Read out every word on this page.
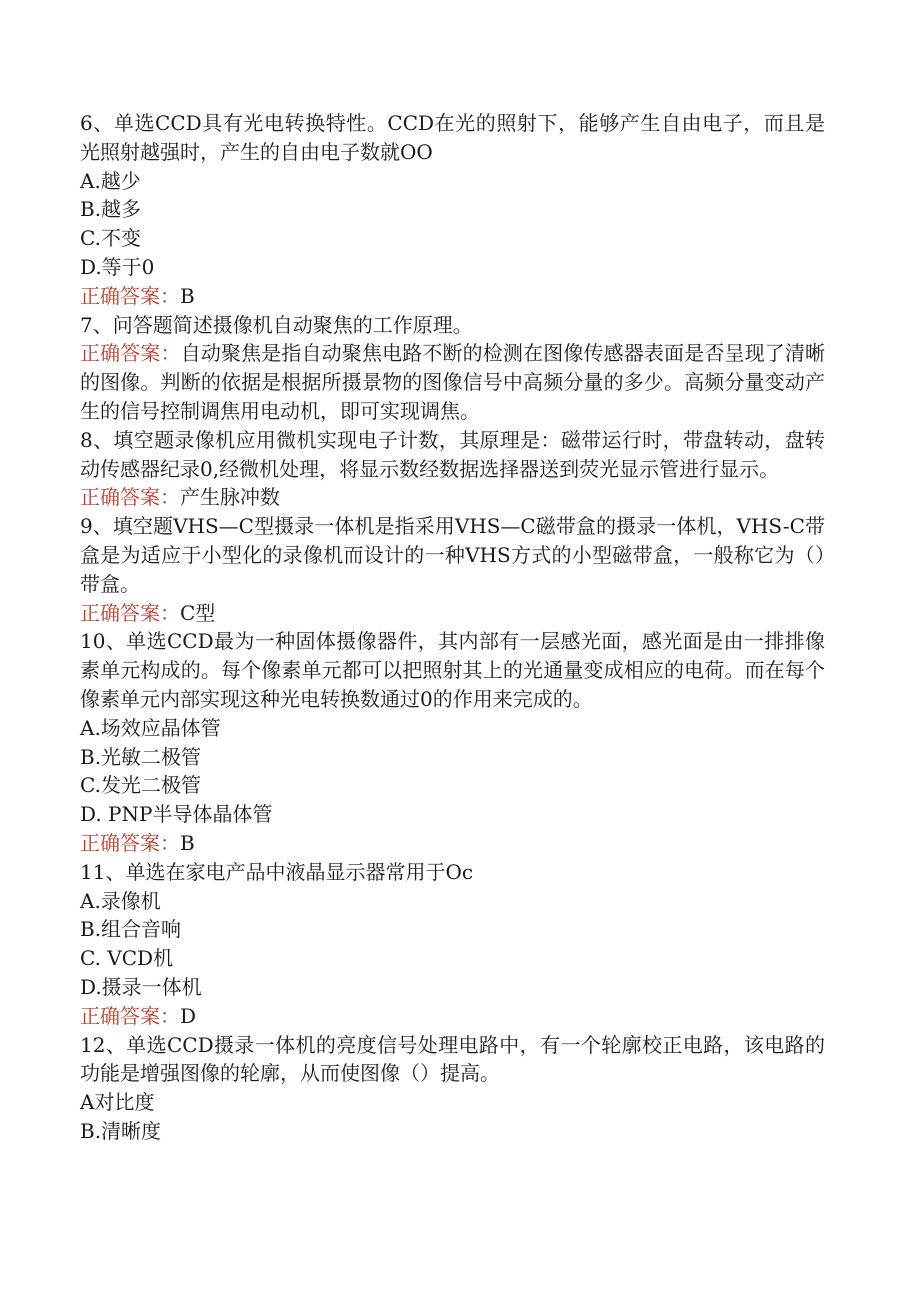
6、单选CCD具有光电转换特性。CCD在光的照射下，能够产生自由电子，而且是光照射越强时，产生的自由电子数就OO

A.越少

B.越多

C.不变

D.等于0

正确答案：B

7、问答题简述摄像机自动聚焦的工作原理。

正确答案：自动聚焦是指自动聚焦电路不断的检测在图像传感器表面是否呈现了清晰的图像。判断的依据是根据所摄景物的图像信号中高频分量的多少。高频分量变动产生的信号控制调焦用电动机，即可实现调焦。

8、填空题录像机应用微机实现电子计数，其原理是：磁带运行时，带盘转动，盘转动传感器纪录0,经微机处理，将显示数经数据选择器送到荧光显示管进行显示。

正确答案：产生脉冲数

9、填空题VHS—C型摄录一体机是指采用VHS—C磁带盒的摄录一体机，VHS-C带盒是为适应于小型化的录像机而设计的一种VHS方式的小型磁带盒，一般称它为（）带盒。

正确答案：C型

10、单选CCD最为一种固体摄像器件，其内部有一层感光面，感光面是由一排排像素单元构成的。每个像素单元都可以把照射其上的光通量变成相应的电荷。而在每个像素单元内部实现这种光电转换数通过0的作用来完成的。

A.场效应晶体管

B.光敏二极管

C.发光二极管

D. PNP半导体晶体管

正确答案：B

11、单选在家电产品中液晶显示器常用于Oc

A.录像机

B.组合音响

C. VCD机

D.摄录一体机

正确答案：D

12、单选CCD摄录一体机的亮度信号处理电路中，有一个轮廓校正电路，该电路的功能是增强图像的轮廓，从而使图像（）提高。

A对比度

B.清晰度
